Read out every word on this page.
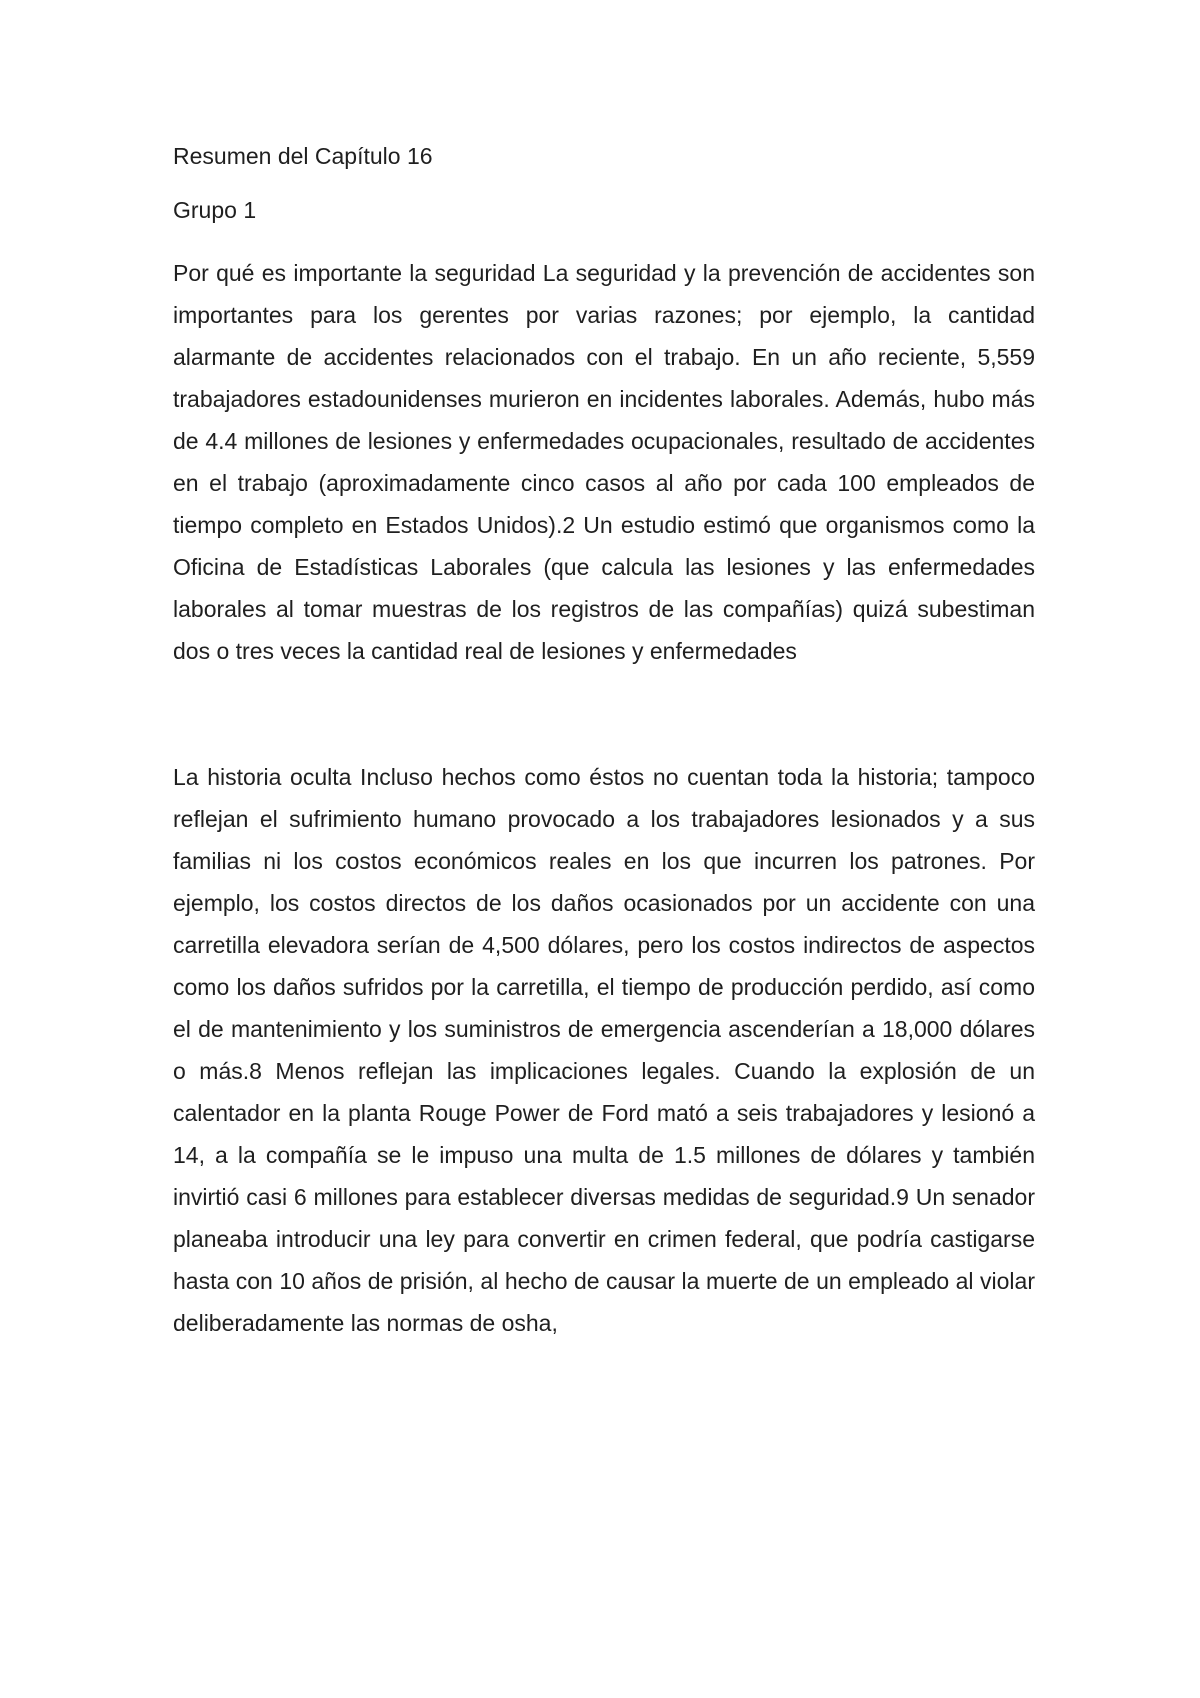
Resumen del Capítulo 16

Grupo 1

Por qué es importante la seguridad La seguridad y la prevención de accidentes son importantes para los gerentes por varias razones; por ejemplo, la cantidad alarmante de accidentes relacionados con el trabajo. En un año reciente, 5,559 trabajadores estadounidenses murieron en incidentes laborales. Además, hubo más de 4.4 millones de lesiones y enfermedades ocupacionales, resultado de accidentes en el trabajo (aproximadamente cinco casos al año por cada 100 empleados de tiempo completo en Estados Unidos).2 Un estudio estimó que organismos como la Oficina de Estadísticas Laborales (que calcula las lesiones y las enfermedades laborales al tomar muestras de los registros de las compañías) quizá subestiman dos o tres veces la cantidad real de lesiones y enfermedades

La historia oculta Incluso hechos como éstos no cuentan toda la historia; tampoco reflejan el sufrimiento humano provocado a los trabajadores lesionados y a sus familias ni los costos económicos reales en los que incurren los patrones. Por ejemplo, los costos directos de los daños ocasionados por un accidente con una carretilla elevadora serían de 4,500 dólares, pero los costos indirectos de aspectos como los daños sufridos por la carretilla, el tiempo de producción perdido, así como el de mantenimiento y los suministros de emergencia ascenderían a 18,000 dólares o más.8 Menos reflejan las implicaciones legales. Cuando la explosión de un calentador en la planta Rouge Power de Ford mató a seis trabajadores y lesionó a 14, a la compañía se le impuso una multa de 1.5 millones de dólares y también invirtió casi 6 millones para establecer diversas medidas de seguridad.9 Un senador planeaba introducir una ley para convertir en crimen federal, que podría castigarse hasta con 10 años de prisión, al hecho de causar la muerte de un empleado al violar deliberadamente las normas de osha,
